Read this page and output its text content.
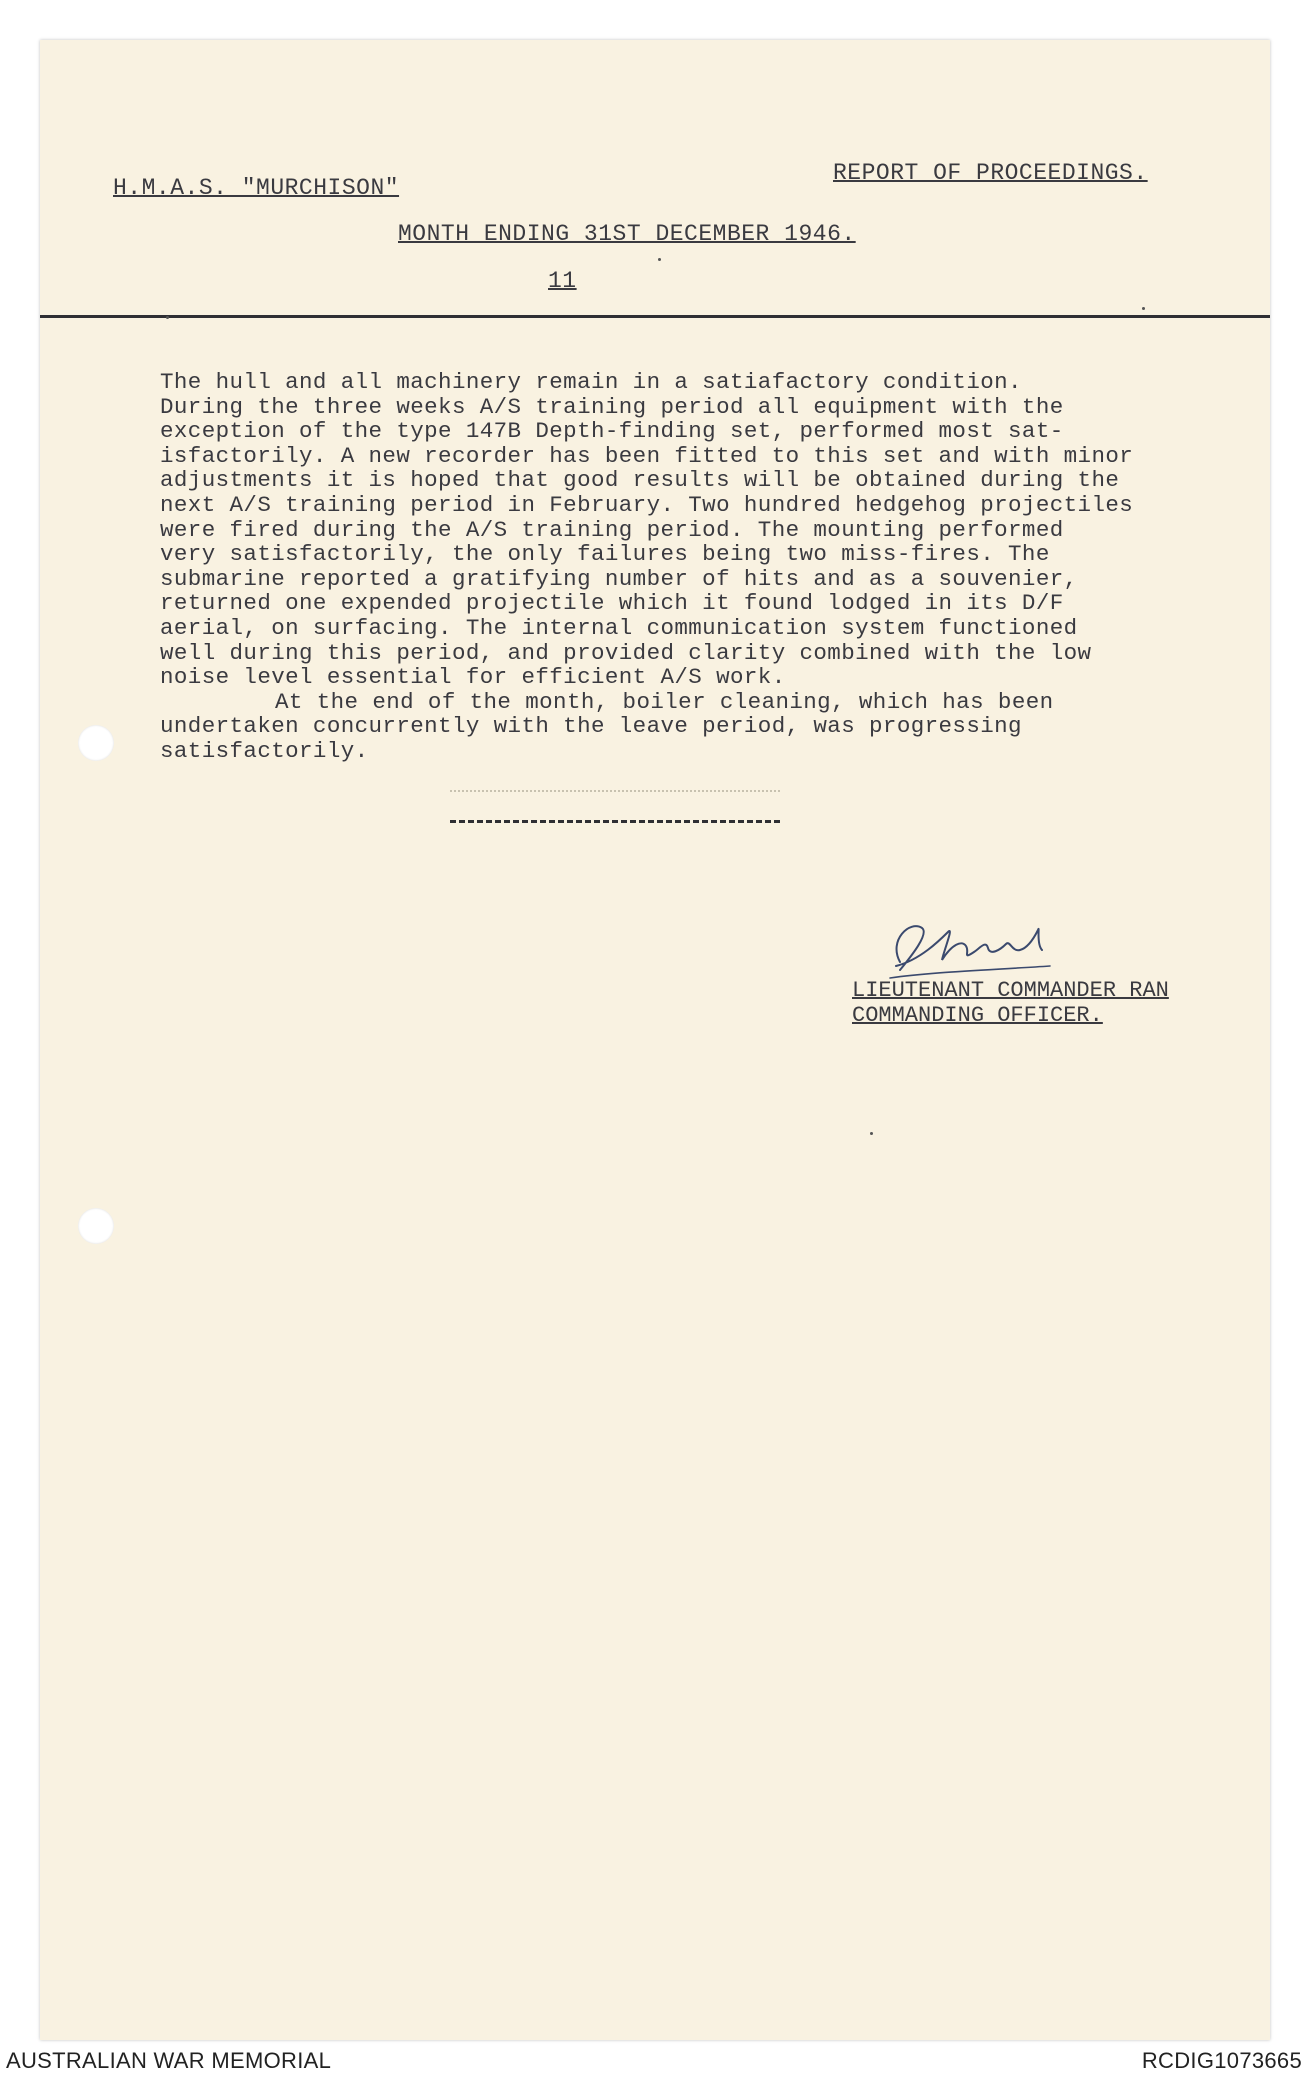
H.M.A.S. "MURCHISON"
REPORT OF PROCEEDINGS.
MONTH ENDING 31ST DECEMBER 1946.
11
The hull and all machinery remain in a satiafactory condition.
During the three weeks A/S training period all equipment with the
exception of the type 147B Depth-finding set, performed most sat-
isfactorily. A new recorder has been fitted to this set and with minor
adjustments it is hoped that good results will be obtained during the
next A/S training period in February. Two hundred hedgehog projectiles
were fired during the A/S training period. The mounting performed
very satisfactorily, the only failures being two miss-fires. The
submarine reported a gratifying number of hits and as a souvenier,
returned one expended projectile which it found lodged in its D/F
aerial, on surfacing. The internal communication system functioned
well during this period, and provided clarity combined with the low
noise level essential for efficient A/S work.
At the end of the month, boiler cleaning, which has been
undertaken concurrently with the leave period, was progressing
satisfactorily.
LIEUTENANT COMMANDER RAN
COMMANDING OFFICER.
AUSTRALIAN WAR MEMORIAL	RCDIG1073665
